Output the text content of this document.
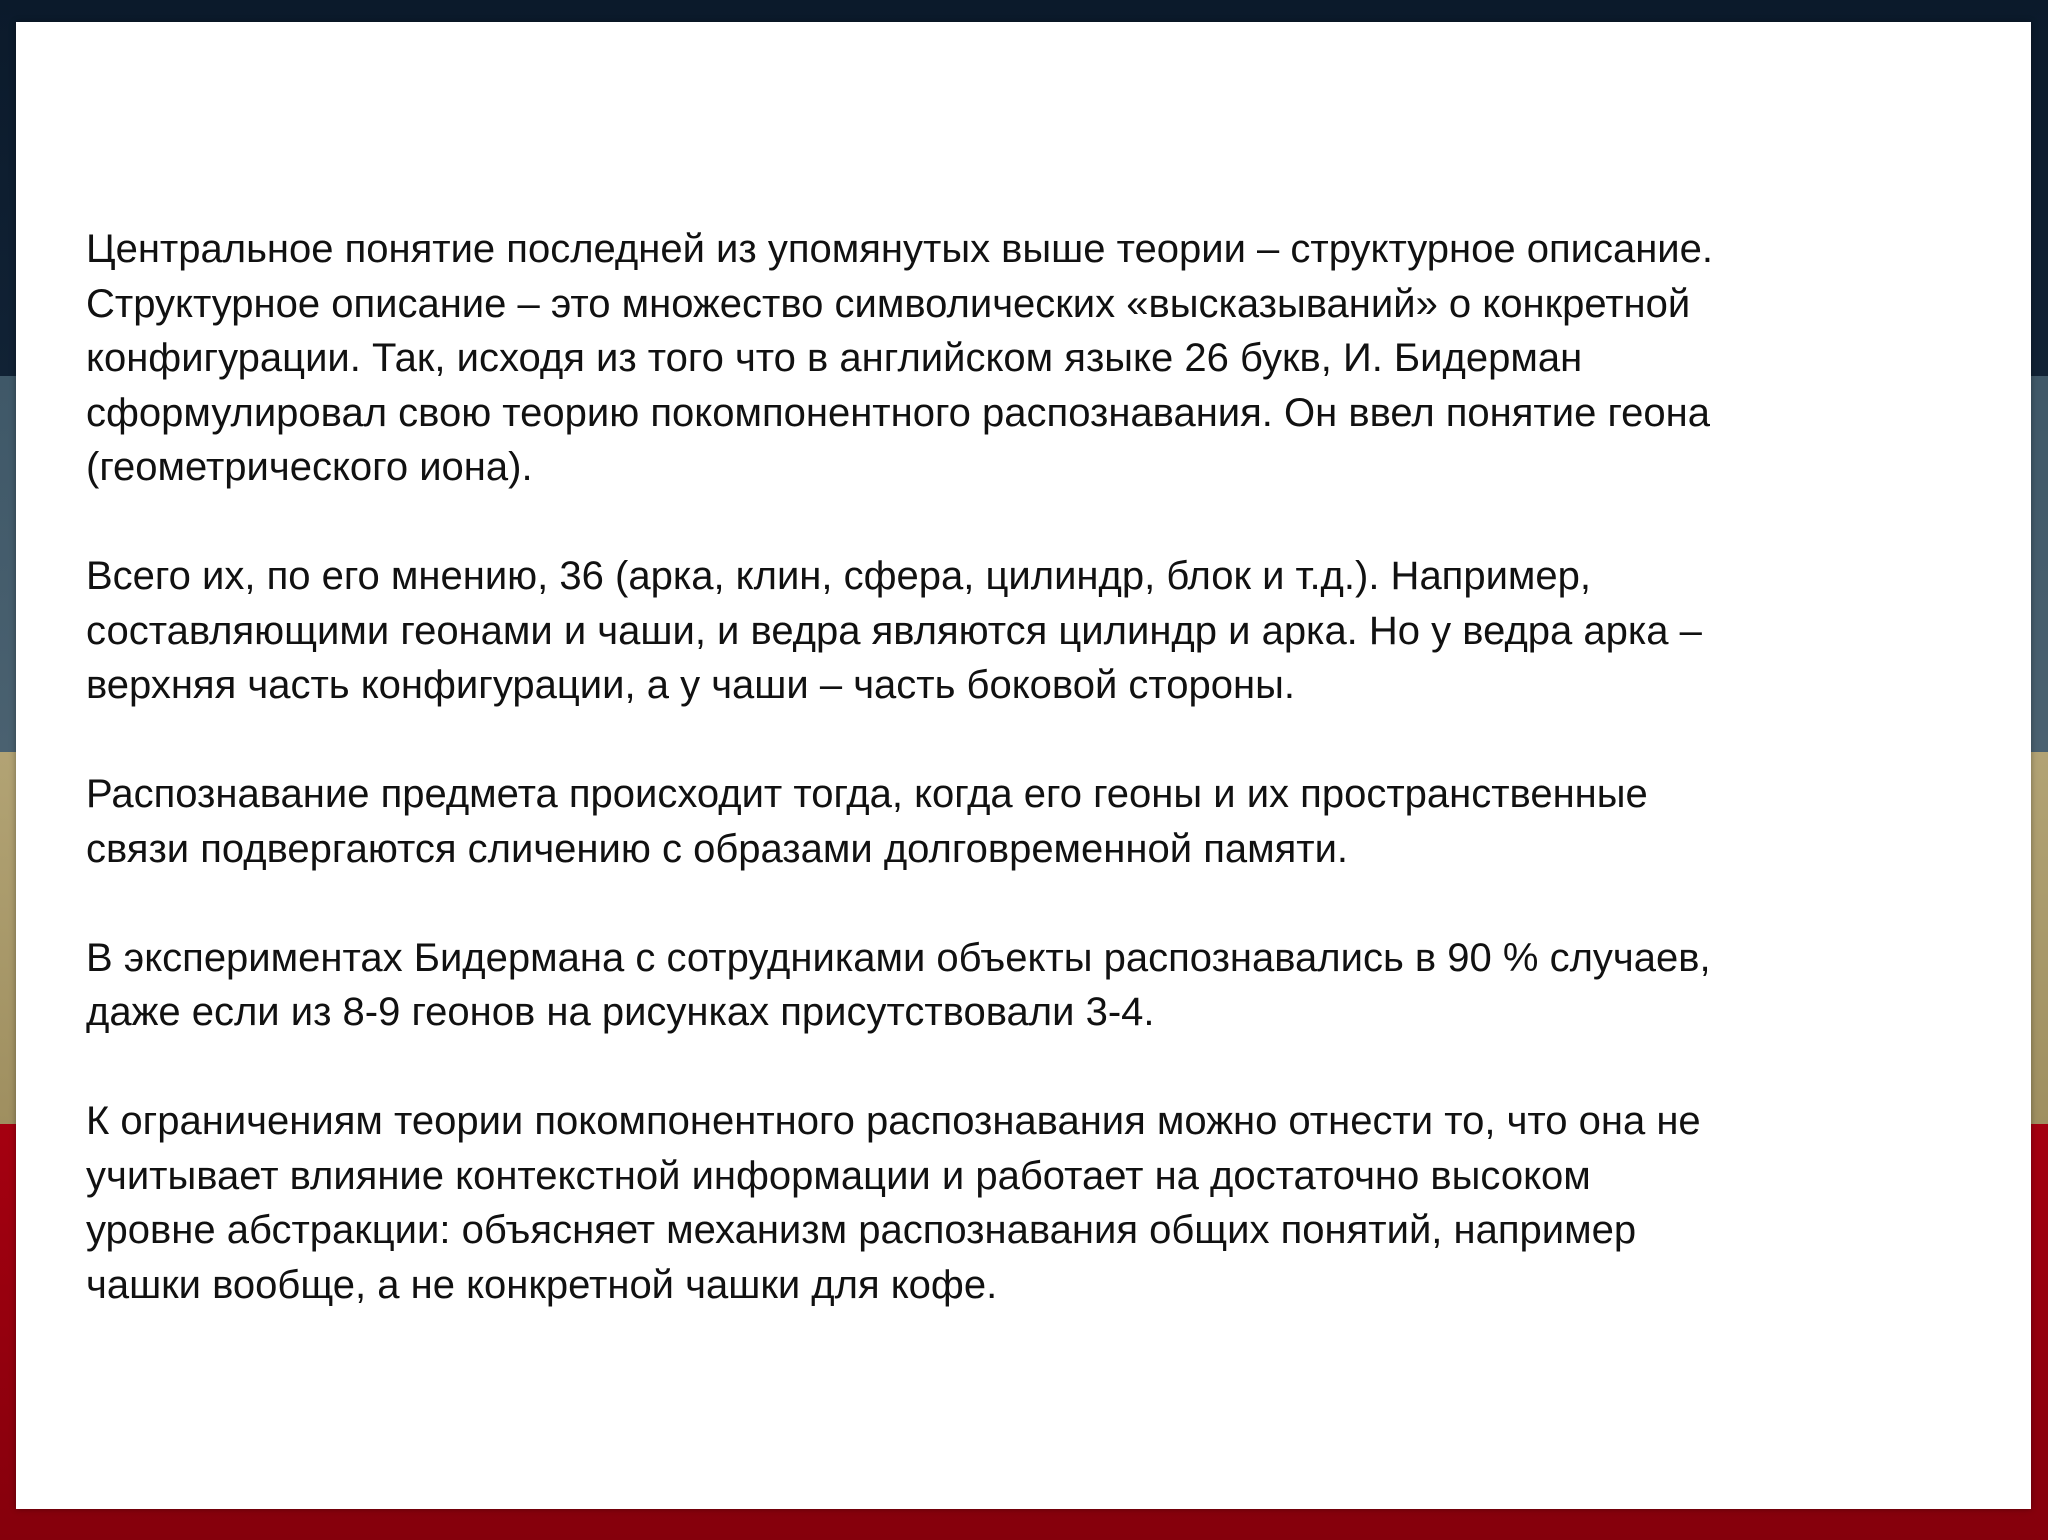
Центральное понятие последней из упомянутых выше теории – структурное описание.
Структурное описание – это множество символических «высказываний» о конкретной
конфигурации. Так, исходя из того что в английском языке 26 букв, И. Бидерман
сформулировал свою теорию покомпонентного распознавания. Он ввел понятие геона
(геометрического иона).

Всего их, по его мнению, 36 (арка, клин, сфера, цилиндр, блок и т.д.). Например,
составляющими геонами и чаши, и ведра являются цилиндр и арка. Но у ведра арка –
верхняя часть конфигурации, а у чаши – часть боковой стороны.

Распознавание предмета происходит тогда, когда его геоны и их пространственные
связи подвергаются сличению с образами долговременной памяти.

В экспериментах Бидермана с сотрудниками объекты распознавались в 90 % случаев,
даже если из 8-9 геонов на рисунках присутствовали 3-4.

К ограничениям теории покомпонентного распознавания можно отнести то, что она не
учитывает влияние контекстной информации и работает на достаточно высоком
уровне абстракции: объясняет механизм распознавания общих понятий, например
чашки вообще, а не конкретной чашки для кофе.
